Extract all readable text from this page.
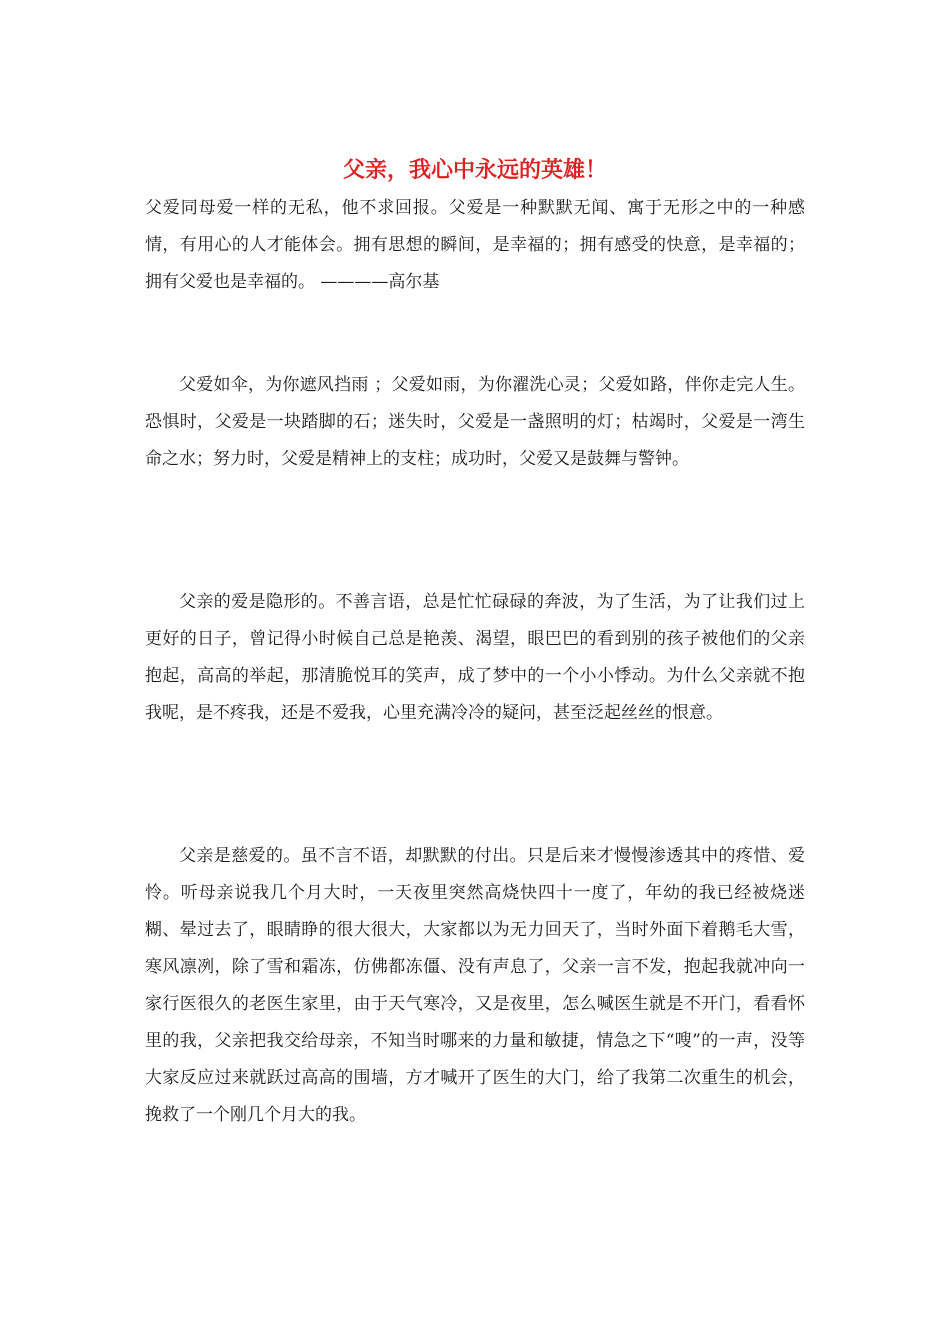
父亲，我心中永远的英雄！

父爱同母爱一样的无私，他不求回报。父爱是一种默默无闻、寓于无形之中的一种感情，有用心的人才能体会。拥有思想的瞬间，是幸福的；拥有感受的快意，是幸福的；拥有父爱也是幸福的。 ————高尔基

父爱如伞，为你遮风挡雨 ；父爱如雨，为你濯洗心灵；父爱如路，伴你走完人生。恐惧时，父爱是一块踏脚的石；迷失时，父爱是一盏照明的灯；枯竭时，父爱是一湾生命之水；努力时，父爱是精神上的支柱；成功时，父爱又是鼓舞与警钟。

父亲的爱是隐形的。不善言语，总是忙忙碌碌的奔波，为了生活，为了让我们过上更好的日子，曾记得小时候自己总是艳羡、渴望，眼巴巴的看到别的孩子被他们的父亲抱起，高高的举起，那清脆悦耳的笑声，成了梦中的一个小小悸动。为什么父亲就不抱我呢，是不疼我，还是不爱我，心里充满冷冷的疑问，甚至泛起丝丝的恨意。

父亲是慈爱的。虽不言不语，却默默的付出。只是后来才慢慢渗透其中的疼惜、爱怜。听母亲说我几个月大时，一天夜里突然高烧快四十一度了，年幼的我已经被烧迷糊、晕过去了，眼睛睁的很大很大，大家都以为无力回天了，当时外面下着鹅毛大雪，寒风凛冽，除了雪和霜冻，仿佛都冻僵、没有声息了，父亲一言不发，抱起我就冲向一家行医很久的老医生家里，由于天气寒冷，又是夜里，怎么喊医生就是不开门，看看怀里的我，父亲把我交给母亲，不知当时哪来的力量和敏捷，情急之下“嗖”的一声，没等大家反应过来就跃过高高的围墙，方才喊开了医生的大门，给了我第二次重生的机会，挽救了一个刚几个月大的我。
